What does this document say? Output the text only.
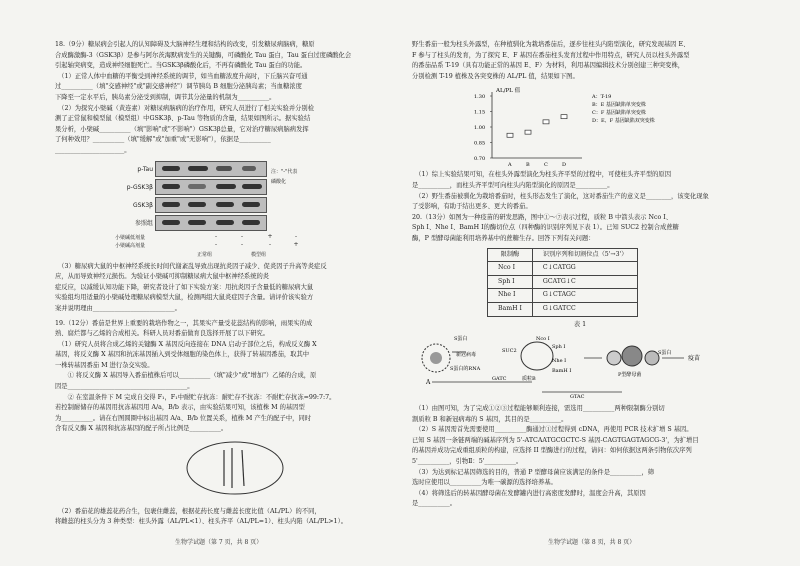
18.（9分）糖尿病会引起人的认知障碍及大脑神经生理和结构的改变，引发糖尿病脑病，糖原

合成酶激酶-3（GSK3β）是参与阿尔茨海默病发生的关键酶，可磷酸化 Tau 蛋白，Tau 蛋白过度磷酸化会

引起轴突病变，造成神经细胞死亡。当GSK3β磷酸化后，不再有磷酸化 Tau 蛋白的功能。

　（1）正常人体中血糖的平衡受到神经系统的调节，如当血糖浓度升高时，下丘脑兴奋可通

过__________（填"交感神经"或"副交感神经"）调节胰岛 B 细胞分泌胰岛素；当血糖浓度

下降至一定水平后，胰岛素分泌受到抑制，调节其分泌量的机制为__________。

　（2）为探究小檗碱（黄连素）对糖尿病脑病的治疗作用，研究人员进行了相关实验并分别检

测了正常鼠和模型鼠（模型组）中GSK3β、p-Tau 等物质的含量，结果如图所示。据实验结

果分析，小檗碱__________（填"影响"或"不影响"）GSK3β总量，它对治疗糖尿病脑病发挥

了何种效用？__________（填"缓解"或"加重"或"无影响"），依据是__________

______________________。

p-Tau
p-GSK3β
GSK3β
参照组
注："-"代表
磷酸化
小檗碱低剂量	-	-	+	-
小檗碱高剂量	-	-	-	+
正常组	模型组

　（3）糖尿病大鼠的中枢神经系统长时间代谢紊乱导致出现抗炎因子减少、促炎因子升高等炎症反

应，从而导致神经元损伤。为验证小檗碱可抑制糖尿病大鼠中枢神经系统的炎

症反应，以减缓认知功能下降，研究者设计了如下实验方案：用抗炎因子含量低的糖尿病大鼠

实验组均用适量的小檗碱处理糖尿病模型大鼠，检测两组大鼠炎症因子含量。请评价该实验方

案并说明理由__________________________。

19.（12分）番茄是世界上重要的栽培作物之一，其果实产量受花蕊结构的影响，雨果实的成

熟、腐烂都与乙烯的合成相关。科研人员对番茄做育良选择开展了以下研究。

　（1）研究人员将合成乙烯的关键酶 X 基因反向连接在 DNA 启动子部位之后，构成反义酶 X

基因，将反义酶 X 基因和抗冻基因插入到受体细胞的染色体上，获得了转基因番茄，取其中

一株转基因番茄 M 进行杂交实验。

　　① 将反义酶 X 基因导入番茄植株后可以__________（填"减少"或"增加"）乙烯的合成，原

因是______________________________________。

　　② 在室温条件下 M 完成自交得 F₁，F₁中耐贮存抗冻：耐贮存不抗冻：不耐贮存抗冻=99:7:7。

若控制耐储存的基因用抗冻基因用 A/a，B/b 表示，由实验结果可知，该植株 M 的基因型

为__________。请在右图圆圈中标出基因 A/a、B/b 位置关系，植株 M 产生的配子中，同时

含有反义酶 X 基因和抗冻基因的配子所占比例是__________。

　（2）番茄花的雄蕊花药合生，包裹住雌蕊，根据花药长度与雌蕊长度比值（AL/PL）的不同，

将雌蕊的柱头分为 3 种类型：柱头外露（AL/PL<1）、柱头齐平（AL/PL=1）、柱头内陷（AL/PL>1）。

生物学试题（第 7 页，共 8 页）

野生番茄一般为柱头外露型，在种植驯化为栽培番茄后，逐步往柱头内陷型演化，研究发现基因 E、

F 参与了柱头的发育，为了探究 E、F 基因在番茄柱头发育过程中作用特点，研究人员以柱头外露型

的番茄品系 T-19（具有功能正常的基因 E、F）为材料，利用基因编辑技术分别创建三种突变株，

分别检测 T-19 植株及各突变株的 AL/PL 值，结果如下图。

AL/PL 值
0.70
0.85
1.00
1.15
1.30
A	B	C	D
A：T-19
B：E 基因缺陷单突变株
C：F 基因缺陷单突变株
D：E、F 基因缺陷双突变株

　（1）综上实验结果可知，在柱头外露型演化为柱头齐平型的过程中，可使柱头齐平型的原因

是__________，而柱头齐平型可向柱头内陷型演化的原因是__________。

　（2）野生番茄被驯化为栽培番茄时，柱头形态发生了演化，这对番茄生产的意义是________，该变化现象

了受影响，有助于结出更多、更大的番茄。

20.（13分）如图为一种疫苗的研发思路，图中①～⑦表示过程，质粒 B 中箭头表示 Nco Ⅰ、

Sph Ⅰ、Nhe Ⅰ、BamH Ⅰ的酶切位点（四种酶的识别序列见下表 1）。已知 SUC2 控制合成蔗糖

酶，P 型酵母菌能利用培养基中的蔗糖生存。回答下列有关问题：

限制酶	识别序列和切割位点（5'→3'）
Nco Ⅰ	C↓CATGG
Sph Ⅰ	GCATG↓C
Nhe Ⅰ	G↓CTAGC
BamH Ⅰ	G↓GATCC

表 1

S蛋白
新冠病毒
S蛋白的RNA
A	GATC
SUC2
Nco Ⅰ
Sph Ⅰ
Nhe Ⅰ
BamH Ⅰ
质粒B
GTAC
P型酵母菌
S蛋白
疫苗

　（1）由图可知，为了完成①②③过程能够顺利连接，需选用__________两种限制酶分别切

割质粒 B 和新冠病毒的 S 基因，其目的是__________。

　（2）S 基因需首先需要使用__________酶通过①过程得到 cDNA，再使用 PCR 技术扩增 S 基因。

已知 S 基因一条链两端的碱基序列为 5'-ATCAATGCGCTC-S 基因-CAGTGAGTAGCG-3'，为扩增目

的基因并成功完成重组质粒的构建，应选择 II 型酶进行的过程，请问：如何依据这两条引物依次序列

5'__________，引物Ⅱ：5'__________。

　（3）为达到标记基因筛选的目的，普通 P 型酵母菌应该满足的条件是__________，筛

选时应使用以__________为唯一碳源的选择培养基。

　（4）将筛选后的转基因酵母菌在发酵罐内进行高密度发酵时，温度会升高，其原因

是__________。

生物学试题（第 8 页，共 8 页）
